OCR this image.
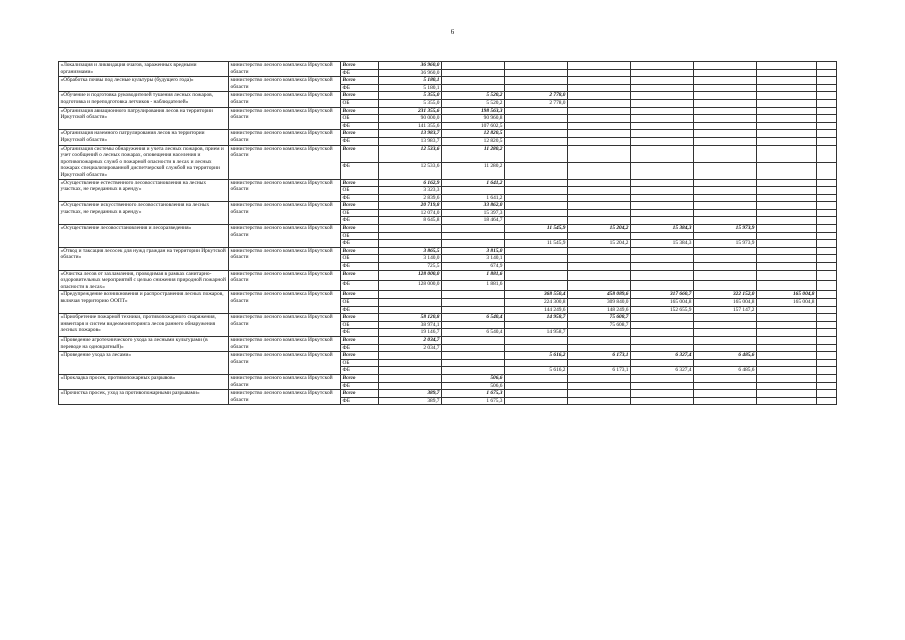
6
«Локализация и ликвидация очагов, зараженных вредными организмами»	министерство лесного комплекса Иркутской области	Всего	36 960,0							
		ФБ	36 960,0							
«Обработка почвы под лесные культуры (будущего года)»	министерство лесного комплекса Иркутской области	Всего	5 180,1							
		ФБ	5 180,1							
«Обучение и подготовка руководителей тушения лесных пожаров, подготовка и переподготовка летчиков - наблюдателей»	министерство лесного комплекса Иркутской области	Всего	5 355,0	5 520,2	2 778,0					
		ОБ	5 355,0	5 520,2	2 778,0					
«Организация авиационного патрулирования лесов на территории Иркутской области»	министерство лесного комплекса Иркутской области	Всего	231 355,6	198 563,3						
		ОБ	90 000,0	90 960,8						
		ФБ	141 355,6	107 602,5						
«Организация наземного патрулирования лесов на территории Иркутской области»	министерство лесного комплекса Иркутской области	Всего	13 983,7	12 820,5						
		ФБ	13 983,7	12 820,5						
«Организация системы обнаружения и учета лесных пожаров, прием и учет сообщений о лесных пожарах, оповещения населения и противопожарных служб о пожарной опасности в лесах и лесных пожарах специализированной диспетчерской службой на территории Иркутской области»	министерство лесного комплекса Иркутской области	Всего	12 533,6	11 280,2						
		ФБ	12 533,6	11 280,2						
«Осуществление естественного лесовосстановления на лесных участках, не переданных в аренду»	министерство лесного комплекса Иркутской области	Всего	6 162,9	1 641,2						
		ОБ	3 323,3							
		ФБ	2 839,6	1 641,2						
«Осуществление искусственного лесовосстановления на лесных участках, не переданных в аренду»	министерство лесного комплекса Иркутской области	Всего	20 719,8	33 862,0						
		ОБ	12 074,0	15 397,3						
		ФБ	8 645,8	18 464,7						
«Осуществление лесовосстановления и лесоразведения»	министерство лесного комплекса Иркутской области	Всего			11 545,9	15 204,2	15 384,3	15 973,9		
		ОБ								
		ФБ			11 545,9	15 204,2	15 384,3	15 973,9		
«Отвод и таксация лесосек для нужд граждан на территории Иркутской области»	министерство лесного комплекса Иркутской области	Всего	3 865,5	3 815,0						
		ОБ	3 140,0	3 140,1						
		ФБ	725,5	674,9						
«Очистка лесов от захламления, проводимая в рамках санитарно-оздоровительных мероприятий с целью снижения природной пожарной опасности в лесах»	министерство лесного комплекса Иркутской области	Всего	128 000,0	1 881,6						
		ФБ	128 000,0	1 881,6						
«Предупреждение возникновения и распространения лесных пожаров, включая территорию ООПТ»	министерство лесного комплекса Иркутской области	Всего			368 550,4	458 089,6	317 660,7	322 152,0	165 004,8	
		ОБ			224 300,8	309 840,0	165 004,8	165 004,8	165 004,8	
		ФБ			144 249,6	148 249,6	152 655,9	157 147,2		
«Приобретение пожарной техники, противопожарного снаряжения, инвентаря и систем видеомониторинга лесов раннего обнаружения лесных пожаров»	министерство лесного комплекса Иркутской области	Всего	58 120,8	6 540,4	14 958,7	75 608,7				
		ОБ	38 974,1			75 608,7				
		ФБ	19 146,7	6 540,4	14 958,7					
«Проведение агротехнического ухода за лесными культурами (в переводе на однократный)»	министерство лесного комплекса Иркутской области	Всего	2 034,7							
		ФБ	2 034,7							
«Проведение ухода за лесами»	министерство лесного комплекса Иркутской области	Всего			5 616,2	6 173,1	6 327,4	6 485,6		
		ОБ								
		ФБ			5 616,2	6 173,1	6 327,4	6 485,6		
«Прокладка просек, противопожарных разрывов»	министерство лесного комплекса Иркутской области	Всего		506,6						
		ФБ		506,6						
«Прочистка просек, уход за противопожарными разрывами»	министерство лесного комплекса Иркутской области	Всего	389,7	1 675,3						
		ФБ	389,7	1 675,3						
